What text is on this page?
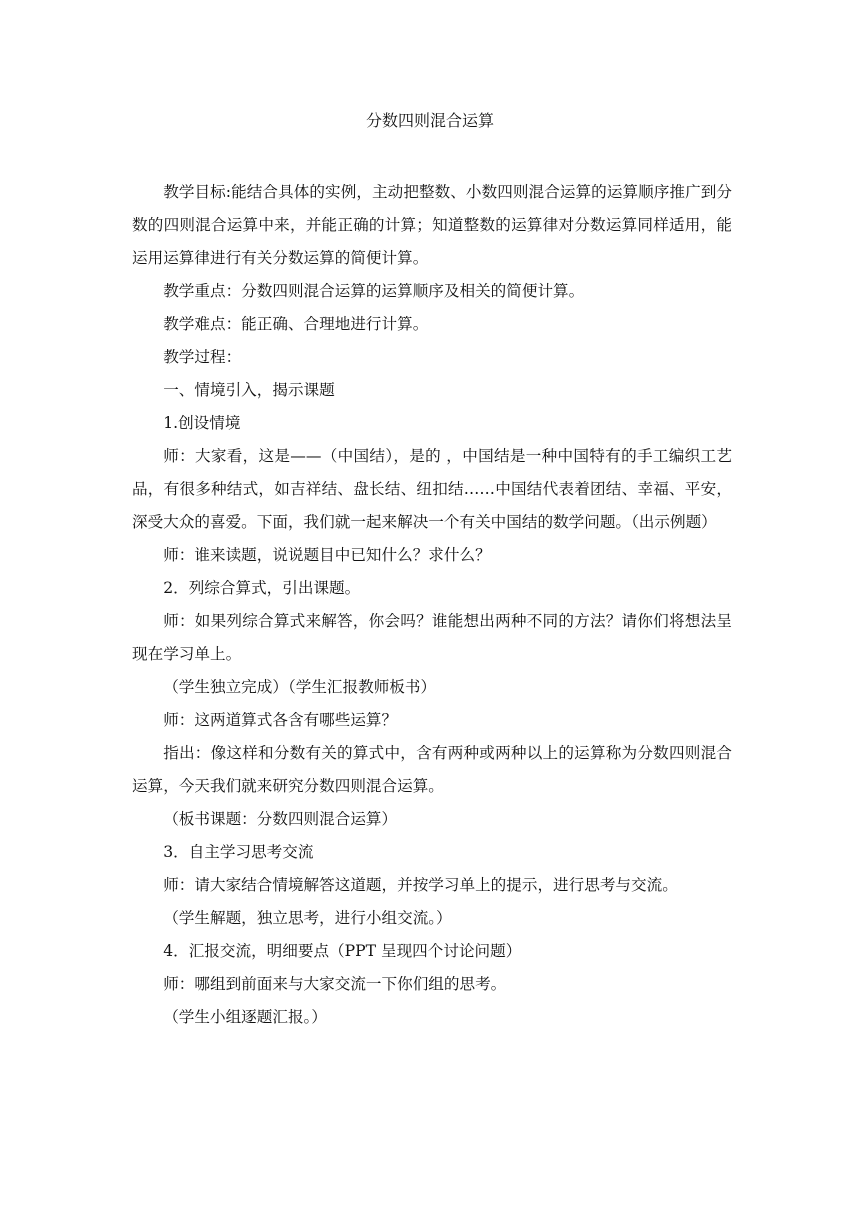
分数四则混合运算

教学目标:能结合具体的实例，主动把整数、小数四则混合运算的运算顺序推广到分数的四则混合运算中来，并能正确的计算；知道整数的运算律对分数运算同样适用，能运用运算律进行有关分数运算的简便计算。

教学重点：分数四则混合运算的运算顺序及相关的简便计算。

教学难点：能正确、合理地进行计算。

教学过程：

一、情境引入，揭示课题

1.创设情境

师：大家看，这是——（中国结），是的 ，中国结是一种中国特有的手工编织工艺品，有很多种结式，如吉祥结、盘长结、纽扣结……中国结代表着团结、幸福、平安，深受大众的喜爱。下面，我们就一起来解决一个有关中国结的数学问题。（出示例题）

师：谁来读题，说说题目中已知什么？求什么？

2．列综合算式，引出课题。

师：如果列综合算式来解答，你会吗？谁能想出两种不同的方法？请你们将想法呈现在学习单上。

（学生独立完成）（学生汇报教师板书）

师：这两道算式各含有哪些运算？

指出：像这样和分数有关的算式中，含有两种或两种以上的运算称为分数四则混合运算，今天我们就来研究分数四则混合运算。

（板书课题：分数四则混合运算）

3．自主学习思考交流

师：请大家结合情境解答这道题，并按学习单上的提示，进行思考与交流。

（学生解题，独立思考，进行小组交流。）

4．汇报交流，明细要点（PPT 呈现四个讨论问题）

师：哪组到前面来与大家交流一下你们组的思考。

（学生小组逐题汇报。）
